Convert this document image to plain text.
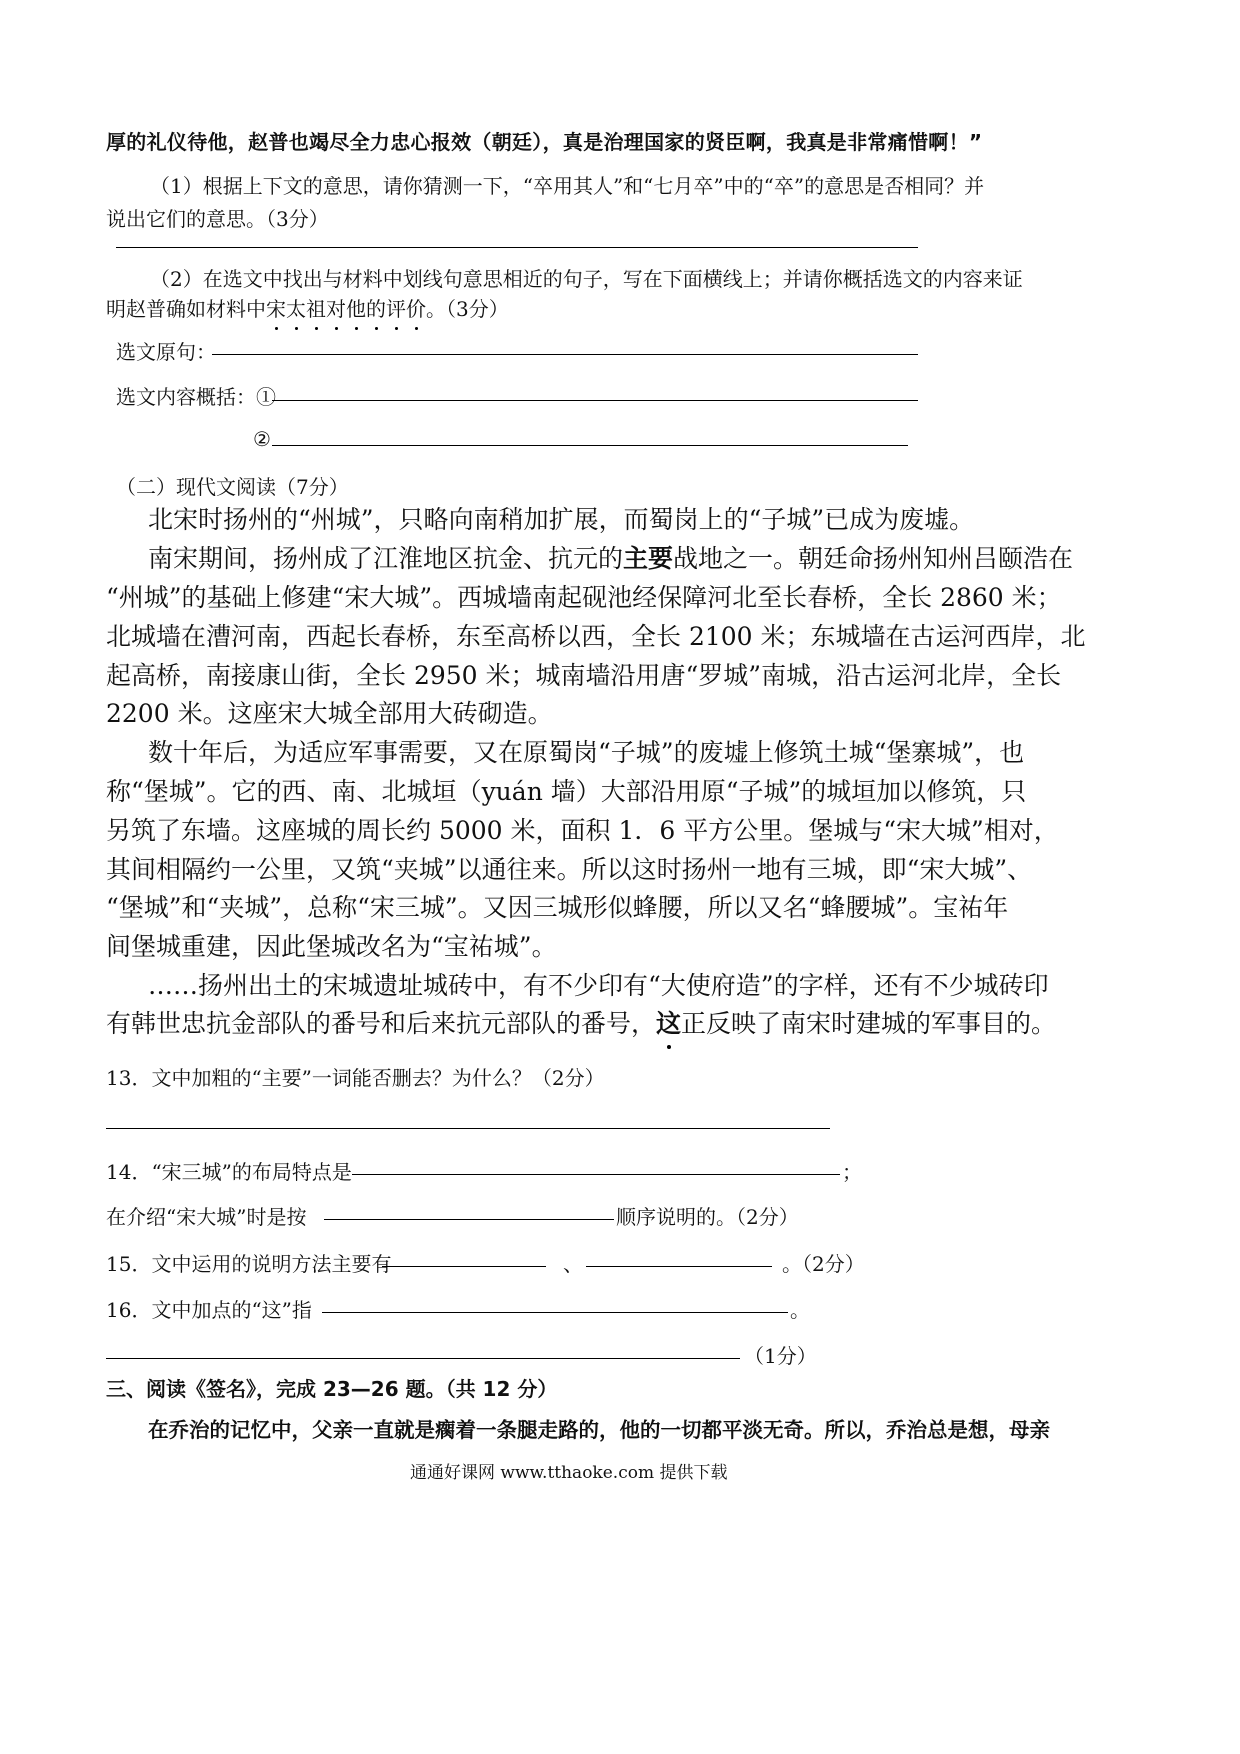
厚的礼仪待他，赵普也竭尽全力忠心报效（朝廷），真是治理国家的贤臣啊，我真是非常痛惜啊！”
（1）根据上下文的意思，请你猜测一下，“卒用其人”和“七月卒”中的“卒”的意思是否相同？并
说出它们的意思。（3分）
（2）在选文中找出与材料中划线句意思相近的句子，写在下面横线上；并请你概括选文的内容来证
明赵普确如材料中宋太祖对他的评价。（3分）
选文原句：
选文内容概括：①
②
（二）现代文阅读（7分）
北宋时扬州的“州城”，只略向南稍加扩展，而蜀岗上的“子城”已成为废墟。
南宋期间，扬州成了江淮地区抗金、抗元的主要战地之一。朝廷命扬州知州吕颐浩在
“州城”的基础上修建“宋大城”。西城墙南起砚池经保障河北至长春桥，全长 2860 米；
北城墙在漕河南，西起长春桥，东至高桥以西，全长 2100 米；东城墙在古运河西岸，北
起高桥，南接康山街，全长 2950 米；城南墙沿用唐“罗城”南城，沿古运河北岸，全长
2200 米。这座宋大城全部用大砖砌造。
数十年后，为适应军事需要，又在原蜀岗“子城”的废墟上修筑土城“堡寨城”，也
称“堡城”。它的西、南、北城垣（yuán 墙）大部沿用原“子城”的城垣加以修筑，只
另筑了东墙。这座城的周长约 5000 米，面积 1．6 平方公里。堡城与“宋大城”相对，
其间相隔约一公里，又筑“夹城”以通往来。所以这时扬州一地有三城，即“宋大城”、
“堡城”和“夹城”，总称“宋三城”。又因三城形似蜂腰，所以又名“蜂腰城”。宝祐年
间堡城重建，因此堡城改名为“宝祐城”。
……扬州出土的宋城遗址城砖中，有不少印有“大使府造”的字样，还有不少城砖印
有韩世忠抗金部队的番号和后来抗元部队的番号，这正反映了南宋时建城的军事目的。
13．文中加粗的“主要”一词能否删去？为什么？（2分）
14．“宋三城”的布局特点是	；
在介绍“宋大城”时是按	顺序说明的。（2分）
15．文中运用的说明方法主要有	、	。（2分）
16．文中加点的“这”指	。
（1分）
三、阅读《签名》，完成 23—26 题。（共 12 分）
在乔治的记忆中，父亲一直就是瘸着一条腿走路的，他的一切都平淡无奇。所以，乔治总是想，母亲
通通好课网 www.tthaoke.com 提供下载
